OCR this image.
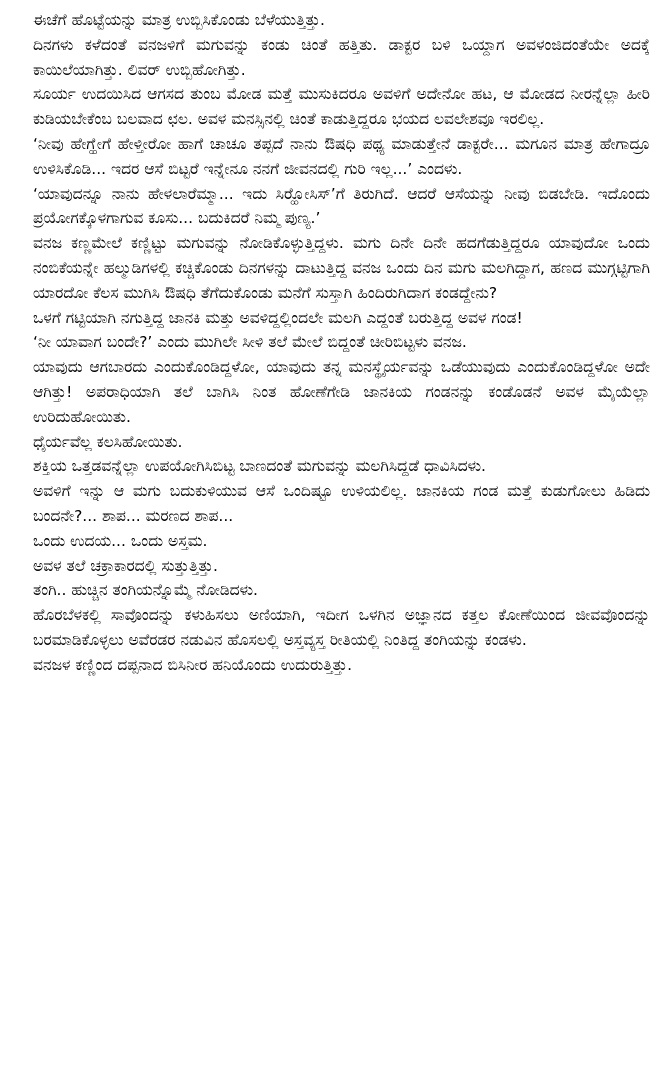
ಈಚೆಗೆ ಹೊಟ್ಟೆಯನ್ನು ಮಾತ್ರ ಉಬ್ಬಿಸಿಕೊಂಡು ಬೆಳೆಯುತ್ತಿತ್ತು.

ದಿನಗಳು ಕಳೆದಂತೆ ವನಜಳಿಗೆ ಮಗುವನ್ನು ಕಂಡು ಚಿಂತೆ ಹತ್ತಿತು. ಡಾಕ್ಟರ ಬಳಿ ಒಯ್ದಾಗ ಅವಳಂಜಿದಂತೆಯೇ ಅದಕ್ಕೆ ಕಾಯಿಲೆಯಾಗಿತ್ತು. ಲಿವರ್ ಉಬ್ಬಿಹೋಗಿತ್ತು.

ಸೂರ್ಯ ಉದಯಿಸಿದ ಆಗಸದ ತುಂಬ ಮೋಡ ಮತ್ತೆ ಮುಸುಕಿದರೂ ಅವಳಿಗೆ ಅದೇನೋ ಹಟ, ಆ ಮೋಡದ ನೀರನ್ನೆಲ್ಲಾ ಹೀರಿ ಕುಡಿಯಬೇಕೆಂಬ ಬಲವಾದ ಛಲ. ಅವಳ ಮನಸ್ಸಿನಲ್ಲಿ ಚಿಂತೆ ಕಾಡುತ್ತಿದ್ದರೂ ಭಯದ ಲವಲೇಶವೂ ಇರಲಿಲ್ಲ.

‘ನೀವು ಹೇಗ್ಹೇಗೆ ಹೇಳ್ತೀರೋ ಹಾಗೆ ಚಾಚೂ ತಪ್ಪದೆ ನಾನು ಔಷಧಿ ಪಥ್ಯ ಮಾಡುತ್ತೇನೆ ಡಾಕ್ಟರೇ... ಮಗೂನ ಮಾತ್ರ ಹೇಗಾದ್ರೂ ಉಳಿಸಿಕೊಡಿ... ಇದರ ಆಸೆ ಬಿಟ್ಟರೆ ಇನ್ನೇನೂ ನನಗೆ ಜೀವನದಲ್ಲಿ ಗುರಿ ಇಲ್ಲ...’ ಎಂದಳು.

‘ಯಾವುದನ್ನೂ ನಾನು ಹೇಳಲಾರೆಮ್ಮಾ... ಇದು ಸಿರ್‍ಹೋಸಿಸ್’ಗೆ ತಿರುಗಿದೆ. ಆದರೆ ಆಸೆಯನ್ನು ನೀವು ಬಿಡಬೇಡಿ. ಇದೊಂದು ಪ್ರಯೋಗಕ್ಕೊಳಗಾಗುವ ಕೂಸು... ಬದುಕಿದರೆ ನಿಮ್ಮ ಪುಣ್ಯ.’

ವನಜ ಕಣ್ಣಮೇಲೆ ಕಣ್ಣಿಟ್ಟು ಮಗುವನ್ನು ನೋಡಿಕೊಳ್ಳುತ್ತಿದ್ದಳು. ಮಗು ದಿನೇ ದಿನೇ ಹದಗೆಡುತ್ತಿದ್ದರೂ ಯಾವುದೋ ಒಂದು ನಂಬಿಕೆಯನ್ನೇ ಹಲ್ಮುಡಿಗಳಲ್ಲಿ ಕಚ್ಚಿಕೊಂಡು ದಿನಗಳನ್ನು ದಾಟುತ್ತಿದ್ದ ವನಜ ಒಂದು ದಿನ ಮಗು ಮಲಗಿದ್ದಾಗ, ಹಣದ ಮುಗ್ಗಟ್ಟಿಗಾಗಿ ಯಾರದೋ ಕೆಲಸ ಮುಗಿಸಿ ಔಷಧಿ ತೆಗೆದುಕೊಂಡು ಮನೆಗೆ ಸುಸ್ತಾಗಿ ಹಿಂದಿರುಗಿದಾಗ ಕಂಡದ್ದೇನು?

ಒಳಗೆ ಗಟ್ಟಿಯಾಗಿ ನಗುತ್ತಿದ್ದ ಜಾನಕಿ ಮತ್ತು ಅವಳಿದ್ದಲ್ಲಿಂದಲೇ ಮಲಗಿ ಎದ್ದಂತೆ ಬರುತ್ತಿದ್ದ ಅವಳ ಗಂಡ!

‘ನೀ ಯಾವಾಗ ಬಂದೇ?’ ಎಂದು ಮುಗಿಲೇ ಸೀಳಿ ತಲೆ ಮೇಲೆ ಬಿದ್ದಂತೆ ಚೀರಿಬಿಟ್ಟಳು ವನಜ.

ಯಾವುದು ಆಗಬಾರದು ಎಂದುಕೊಂಡಿದ್ದಳೋ, ಯಾವುದು ತನ್ನ ಮನಸ್ಥೈರ್ಯವನ್ನು ಒಡೆಯುವುದು ಎಂದುಕೊಂಡಿದ್ದಳೋ ಅದೇ ಆಗಿತ್ತು! ಅಪರಾಧಿಯಾಗಿ ತಲೆ ಬಾಗಿಸಿ ನಿಂತ ಹೋಣೆಗೇಡಿ ಜಾನಕಿಯ ಗಂಡನನ್ನು ಕಂಡೊಡನೆ ಅವಳ ಮೈಯೆಲ್ಲಾ ಉರಿದುಹೋಯಿತು.

ಧೈರ್ಯವೆಲ್ಲ ಕಲಸಿಹೋಯಿತು.

ಶಕ್ತಿಯ ಒತ್ತಡವನ್ನೆಲ್ಲಾ ಉಪಯೋಗಿಸಿಬಿಟ್ಟ ಬಾಣದಂತೆ ಮಗುವನ್ನು ಮಲಗಿಸಿದ್ದಡೆ ಧಾವಿಸಿದಳು.

ಅವಳಿಗೆ ಇನ್ನು ಆ ಮಗು ಬದುಕುಳಿಯುವ ಆಸೆ ಒಂದಿಷ್ಟೂ ಉಳಿಯಲಿಲ್ಲ. ಜಾನಕಿಯ ಗಂಡ ಮತ್ತೆ ಕುಡುಗೋಲು ಹಿಡಿದು ಬಂದನೇ?... ಶಾಪ... ಮರಣದ ಶಾಪ...

ಒಂದು ಉದಯ... ಒಂದು ಅಸ್ತಮ.

ಅವಳ ತಲೆ ಚಕ್ರಾಕಾರದಲ್ಲಿ ಸುತ್ತುತ್ತಿತ್ತು.

ತಂಗಿ.. ಹುಚ್ಚಿನ ತಂಗಿಯನ್ನೊಮ್ಮೆ ನೋಡಿದಳು.

ಹೊರಬೆಳಕಲ್ಲಿ ಸಾವೊಂದನ್ನು ಕಳುಹಿಸಲು ಅಣಿಯಾಗಿ, ಇದೀಗ ಒಳಗಿನ ಅಜ್ಞಾನದ ಕತ್ತಲ ಕೋಣೆಯಿಂದ ಜೀವವೊಂದನ್ನು ಬರಮಾಡಿಕೊಳ್ಳಲು ಅವೆರಡರ ನಡುವಿನ ಹೊಸಲಲ್ಲಿ ಅಸ್ತವ್ಯಸ್ತ ರೀತಿಯಲ್ಲಿ ನಿಂತಿದ್ದ ತಂಗಿಯನ್ನು ಕಂಡಳು.

ವನಜಳ ಕಣ್ಣಿಂದ ದಪ್ಪನಾದ ಬಿಸಿನೀರ ಹನಿಯೊಂದು ಉದುರುತ್ತಿತ್ತು.
